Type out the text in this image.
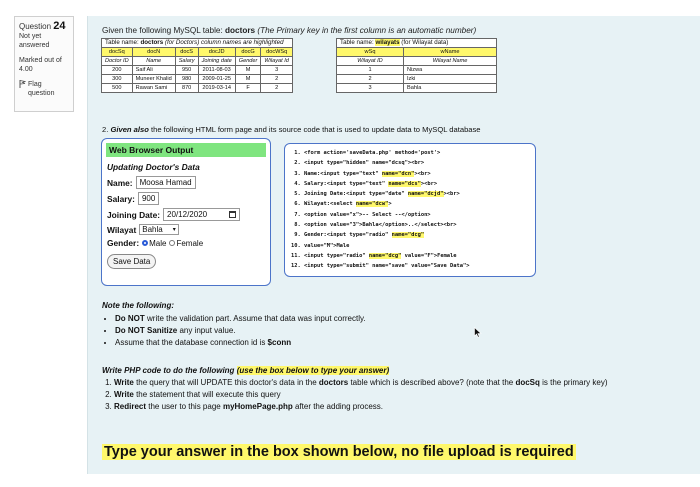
Question 24
Not yet
answered
Marked out of
4.00
Flag
question
Given the following MySQL table: doctors (The Primary key in the first column is an automatic number)
Table name: doctors (for Doctors) column names are highlighted					
docSq	docN	docS	docJD	docG	docWSq
Doctor ID	Name	Salary	Joining date	Gender	Wilayat Id
200	Saif Ali	950	2011-08-03	M	3
300	Muneer Khalid	980	2009-01-25	M	2
500	Rawan Sami	870	2019-03-14	F	2
Table name: wilayats (for Wilayat data)	
wSq	wName
Wilayat ID	Wilayat Name
1	Nizwa
2	Izki
3	Bahla
2. Given also the following HTML form page and its source code that is used to update data to MySQL database
Web Browser Output
Updating Doctor's Data
Name: Moosa Hamad
Salary: 900
Joining Date: 20/12/2020
Wilayat Bahla ▾
Gender: Male Female
Save Data
1. <form action='saveData.php' method='post'>
2. <input type="hidden" name="dcsq"><br>
3. Name:<input type="text" name="dcn"><br>
4. Salary:<input type="text" name="dcs"><br>
5. Joining Date:<input type="date" name="dcjd"><br>
6. Wilayat:<select name="dcw">
7. <option value="x">-- Select --</option>
8. <option value="3">Bahla</option>..</select><br>
9. Gender:<input type="radio" name="dcg"
10. value="M">Male
11. <input type="radio" name="dcg" value="F">Female
12. <input type="submit" name="save" value="Save Data">
Note the following:
• Do NOT write the validation part. Assume that data was input correctly.
• Do NOT Sanitize any input value.
• Assume that the database connection id is $conn
Write PHP code to do the following (use the box below to type your answer)
1. Write the query that will UPDATE this doctor's data in the doctors table which is described above? (note that the docSq is the primary key)
2. Write the statement that will execute this query
3. Redirect the user to this page myHomePage.php after the adding process.
Type your answer in the box shown below, no file upload is required
